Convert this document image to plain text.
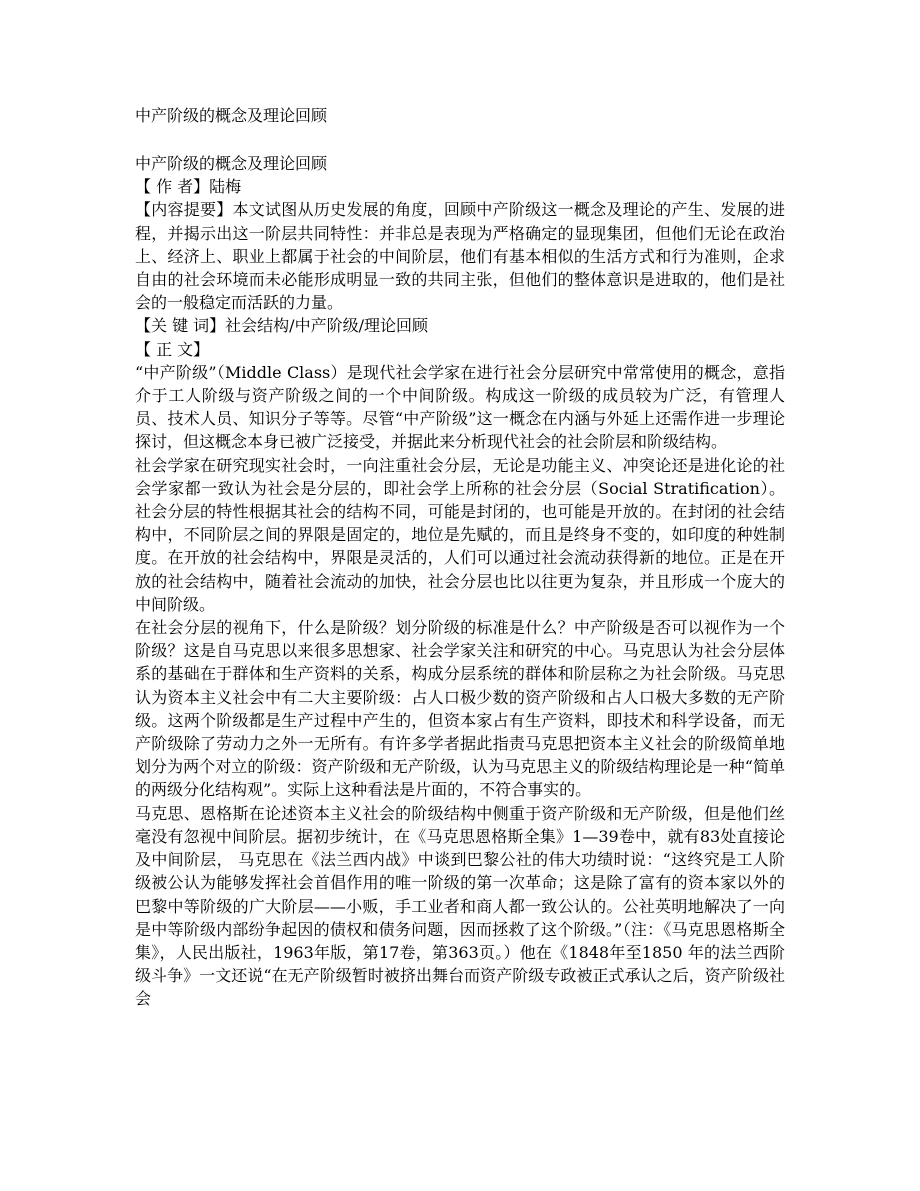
中产阶级的概念及理论回顾

中产阶级的概念及理论回顾

【 作 者】陆梅

【内容提要】本文试图从历史发展的角度，回顾中产阶级这一概念及理论的产生、发展的进程，并揭示出这一阶层共同特性：并非总是表现为严格确定的显现集团，但他们无论在政治上、经济上、职业上都属于社会的中间阶层，他们有基本相似的生活方式和行为准则，企求自由的社会环境而未必能形成明显一致的共同主张，但他们的整体意识是进取的，他们是社会的一般稳定而活跃的力量。

【关 键 词】社会结构/中产阶级/理论回顾

【 正 文】

“中产阶级”（Middle Class）是现代社会学家在进行社会分层研究中常常使用的概念，意指介于工人阶级与资产阶级之间的一个中间阶级。构成这一阶级的成员较为广泛，有管理人员、技术人员、知识分子等等。尽管“中产阶级”这一概念在内涵与外延上还需作进一步理论探讨，但这概念本身已被广泛接受，并据此来分析现代社会的社会阶层和阶级结构。

社会学家在研究现实社会时，一向注重社会分层，无论是功能主义、冲突论还是进化论的社会学家都一致认为社会是分层的，即社会学上所称的社会分层（Social Stratification）。 社会分层的特性根据其社会的结构不同，可能是封闭的，也可能是开放的。在封闭的社会结构中，不同阶层之间的界限是固定的，地位是先赋的，而且是终身不变的，如印度的种姓制度。在开放的社会结构中，界限是灵活的，人们可以通过社会流动获得新的地位。正是在开放的社会结构中，随着社会流动的加快，社会分层也比以往更为复杂，并且形成一个庞大的中间阶级。

在社会分层的视角下，什么是阶级？划分阶级的标准是什么？中产阶级是否可以视作为一个阶级？这是自马克思以来很多思想家、社会学家关注和研究的中心。马克思认为社会分层体系的基础在于群体和生产资料的关系，构成分层系统的群体和阶层称之为社会阶级。马克思认为资本主义社会中有二大主要阶级：占人口极少数的资产阶级和占人口极大多数的无产阶级。这两个阶级都是生产过程中产生的，但资本家占有生产资料，即技术和科学设备，而无产阶级除了劳动力之外一无所有。有许多学者据此指责马克思把资本主义社会的阶级简单地划分为两个对立的阶级：资产阶级和无产阶级，认为马克思主义的阶级结构理论是一种“简单的两级分化结构观”。实际上这种看法是片面的，不符合事实的。

马克思、恩格斯在论述资本主义社会的阶级结构中侧重于资产阶级和无产阶级，但是他们丝毫没有忽视中间阶层。据初步统计，在《马克思恩格斯全集》1—39卷中，就有83处直接论及中间阶层， 马克思在《法兰西内战》中谈到巴黎公社的伟大功绩时说：“这终究是工人阶级被公认为能够发挥社会首倡作用的唯一阶级的第一次革命；这是除了富有的资本家以外的巴黎中等阶级的广大阶层——小贩，手工业者和商人都一致公认的。公社英明地解决了一向是中等阶级内部纷争起因的债权和债务问题，因而拯救了这个阶级。”（注：《马克思恩格斯全集》，人民出版社，1963年版，第17卷，第363页。）他在《1848年至1850 年的法兰西阶级斗争》一文还说“在无产阶级暂时被挤出舞台而资产阶级专政被正式承认之后，资产阶级社会
